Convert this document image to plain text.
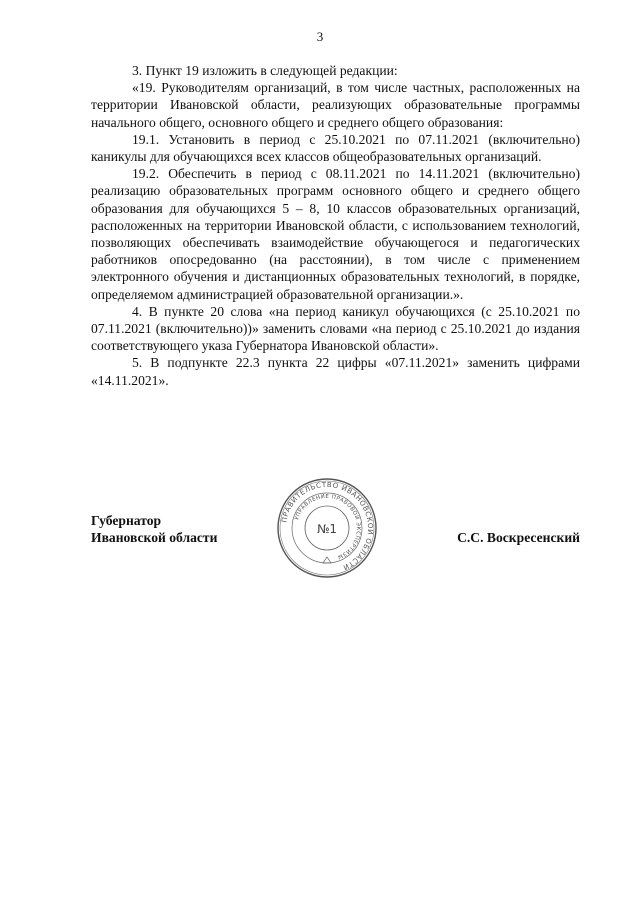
3

3. Пункт 19 изложить в следующей редакции:

«19. Руководителям организаций, в том числе частных, расположенных на территории Ивановской области, реализующих образовательные программы начального общего, основного общего и среднего общего образования:

19.1. Установить в период с 25.10.2021 по 07.11.2021 (включительно) каникулы для обучающихся всех классов общеобразовательных организаций.

19.2. Обеспечить в период с 08.11.2021 по 14.11.2021 (включительно) реализацию образовательных программ основного общего и среднего общего образования для обучающихся 5 – 8, 10 классов образовательных организаций, расположенных на территории Ивановской области, с использованием технологий, позволяющих обеспечивать взаимодействие обучающегося и педагогических работников опосредованно (на расстоянии), в том числе с применением электронного обучения и дистанционных образовательных технологий, в порядке, определяемом администрацией образовательной организации.».

4. В пункте 20 слова «на период каникул обучающихся (с 25.10.2021 по 07.11.2021 (включительно))» заменить словами «на период с 25.10.2021 до издания соответствующего указа Губернатора Ивановской области».

5. В подпункте 22.3 пункта 22 цифры «07.11.2021» заменить цифрами «14.11.2021».

Губернатор
Ивановской области	С.С. Воскресенский
ПРАВИТЕЛЬСТВО ИВАНОВСКОЙ ОБЛАСТИ
УПРАВЛЕНИЕ ПРАВОВОЙ ЭКСПЕРТИЗЫ
№1
